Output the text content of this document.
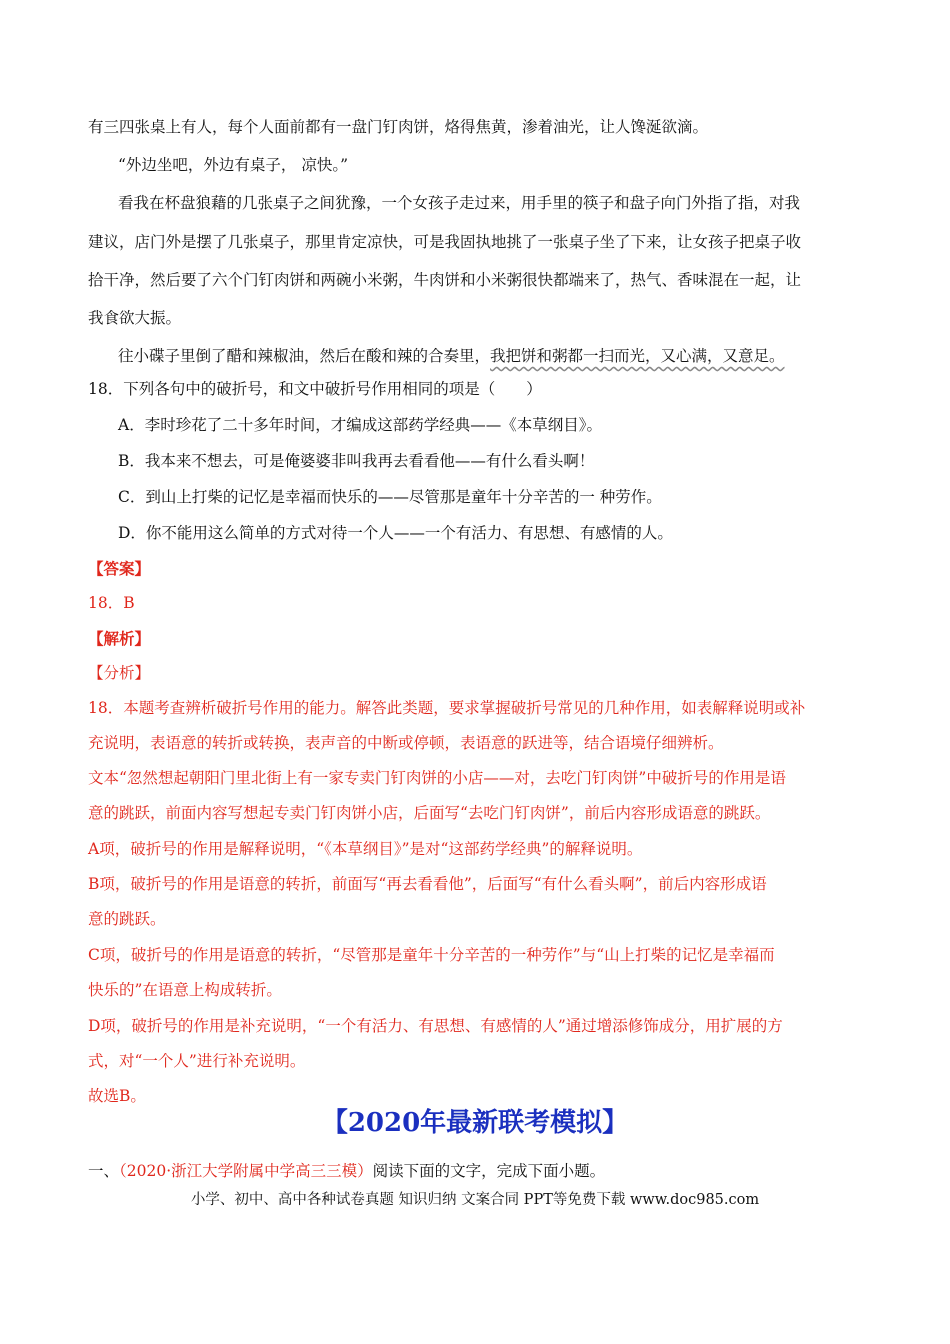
有三四张桌上有人，每个人面前都有一盘门钉肉饼，烙得焦黄，渗着油光，让人馋涎欲滴。
“外边坐吧，外边有桌子， 凉快。”
看我在杯盘狼藉的几张桌子之间犹豫，一个女孩子走过来，用手里的筷子和盘子向门外指了指，对我
建议，店门外是摆了几张桌子，那里肯定凉快，可是我固执地挑了一张桌子坐了下来，让女孩子把桌子收
拾干净，然后要了六个门钉肉饼和两碗小米粥，牛肉饼和小米粥很快都端来了，热气、香味混在一起，让
我食欲大振。
往小碟子里倒了醋和辣椒油，然后在酸和辣的合奏里，我把饼和粥都一扫而光，又心满，又意足。
18．下列各句中的破折号，和文中破折号作用相同的项是（　　）
A．李时珍花了二十多年时间，才编成这部药学经典——《本草纲目》。
B．我本来不想去，可是俺婆婆非叫我再去看看他——有什么看头啊！
C．到山上打柴的记忆是幸福而快乐的——尽管那是童年十分辛苦的一 种劳作。
D．你不能用这么简单的方式对待一个人——一个有活力、有思想、有感情的人。
【答案】
18．B
【解析】
【分析】
18．本题考查辨析破折号作用的能力。解答此类题，要求掌握破折号常见的几种作用，如表解释说明或补
充说明，表语意的转折或转换，表声音的中断或停顿，表语意的跃进等，结合语境仔细辨析。
文本“忽然想起朝阳门里北街上有一家专卖门钉肉饼的小店——对，去吃门钉肉饼”中破折号的作用是语
意的跳跃，前面内容写想起专卖门钉肉饼小店，后面写“去吃门钉肉饼”，前后内容形成语意的跳跃。
A项，破折号的作用是解释说明，“《本草纲目》”是对“这部药学经典”的解释说明。
B项，破折号的作用是语意的转折，前面写“再去看看他”，后面写“有什么看头啊”，前后内容形成语
意的跳跃。
C项，破折号的作用是语意的转折，“尽管那是童年十分辛苦的一种劳作”与“山上打柴的记忆是幸福而
快乐的”在语意上构成转折。
D项，破折号的作用是补充说明，“一个有活力、有思想、有感情的人”通过增添修饰成分，用扩展的方
式，对“一个人”进行补充说明。
故选B。
【2020年最新联考模拟】
一、（2020·浙江大学附属中学高三三模）阅读下面的文字，完成下面小题。
小学、初中、高中各种试卷真题 知识归纳 文案合同 PPT等免费下载 www.doc985.com
